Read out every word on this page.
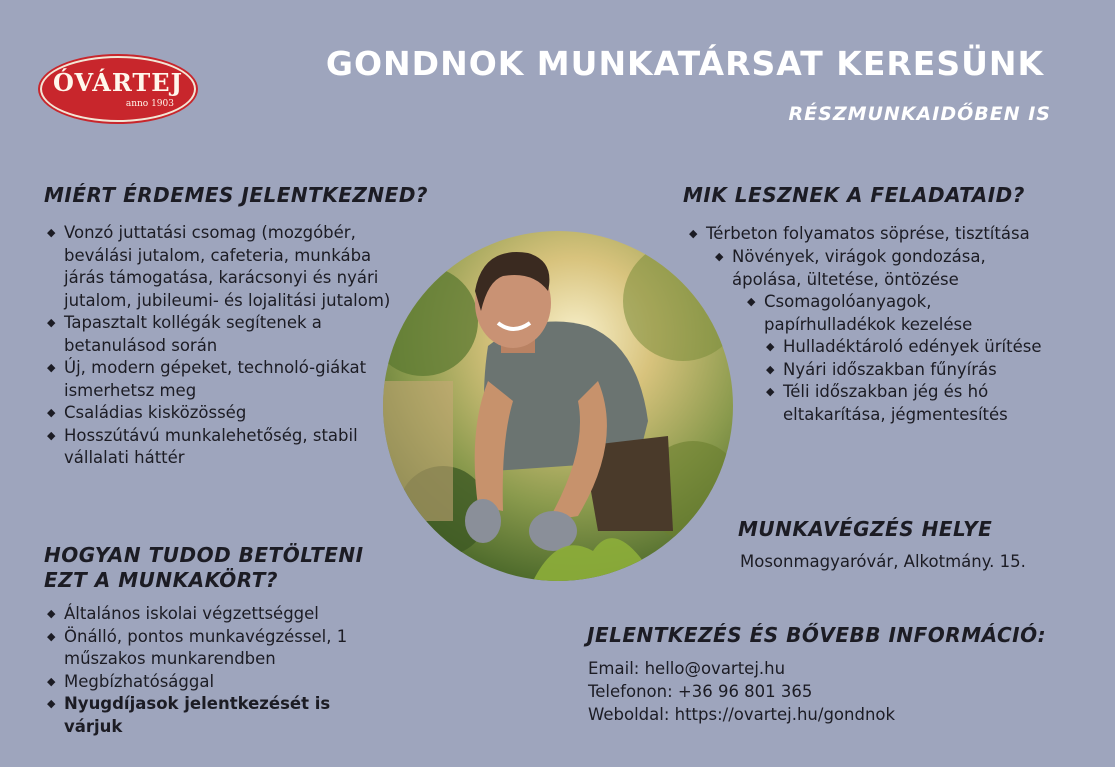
ÓVÁRTEJ
anno 1903
GONDNOK MUNKATÁRSAT KERESÜNK
RÉSZMUNKAIDŐBEN IS
MIÉRT ÉRDEMES JELENTKEZNED?
◆ Vonzó juttatási csomag (mozgóbér, beválási jutalom, cafeteria, munkába járás támogatása, karácsonyi és nyári jutalom, jubileumi- és lojalitási jutalom)
◆ Tapasztalt kollégák segítenek a betanulásod során
◆ Új, modern gépeket, technoló-giákat ismerhetsz meg
◆ Családias kisközösség
◆ Hosszútávú munkalehetőség, stabil vállalati háttér
HOGYAN TUDOD BETÖLTENI
EZT A MUNKAKÖRT?
◆ Általános iskolai végzettséggel
◆ Önálló, pontos munkavégzéssel, 1 műszakos munkarendben
◆ Megbízhatósággal
◆ Nyugdíjasok jelentkezését is várjuk
MIK LESZNEK A FELADATAID?
◆ Térbeton folyamatos söprése, tisztítása
◆ Növények, virágok gondozása, ápolása, ültetése, öntözése
◆ Csomagolóanyagok, papírhulladékok kezelése
◆ Hulladéktároló edények ürítése
◆ Nyári időszakban fűnyírás
◆ Téli időszakban jég és hó eltakarítása, jégmentesítés
MUNKAVÉGZÉS HELYE
Mosonmagyaróvár, Alkotmány. 15.
JELENTKEZÉS ÉS BŐVEBB INFORMÁCIÓ:
Email: hello@ovartej.hu
Telefonon: +36 96 801 365
Weboldal: https://ovartej.hu/gondnok
